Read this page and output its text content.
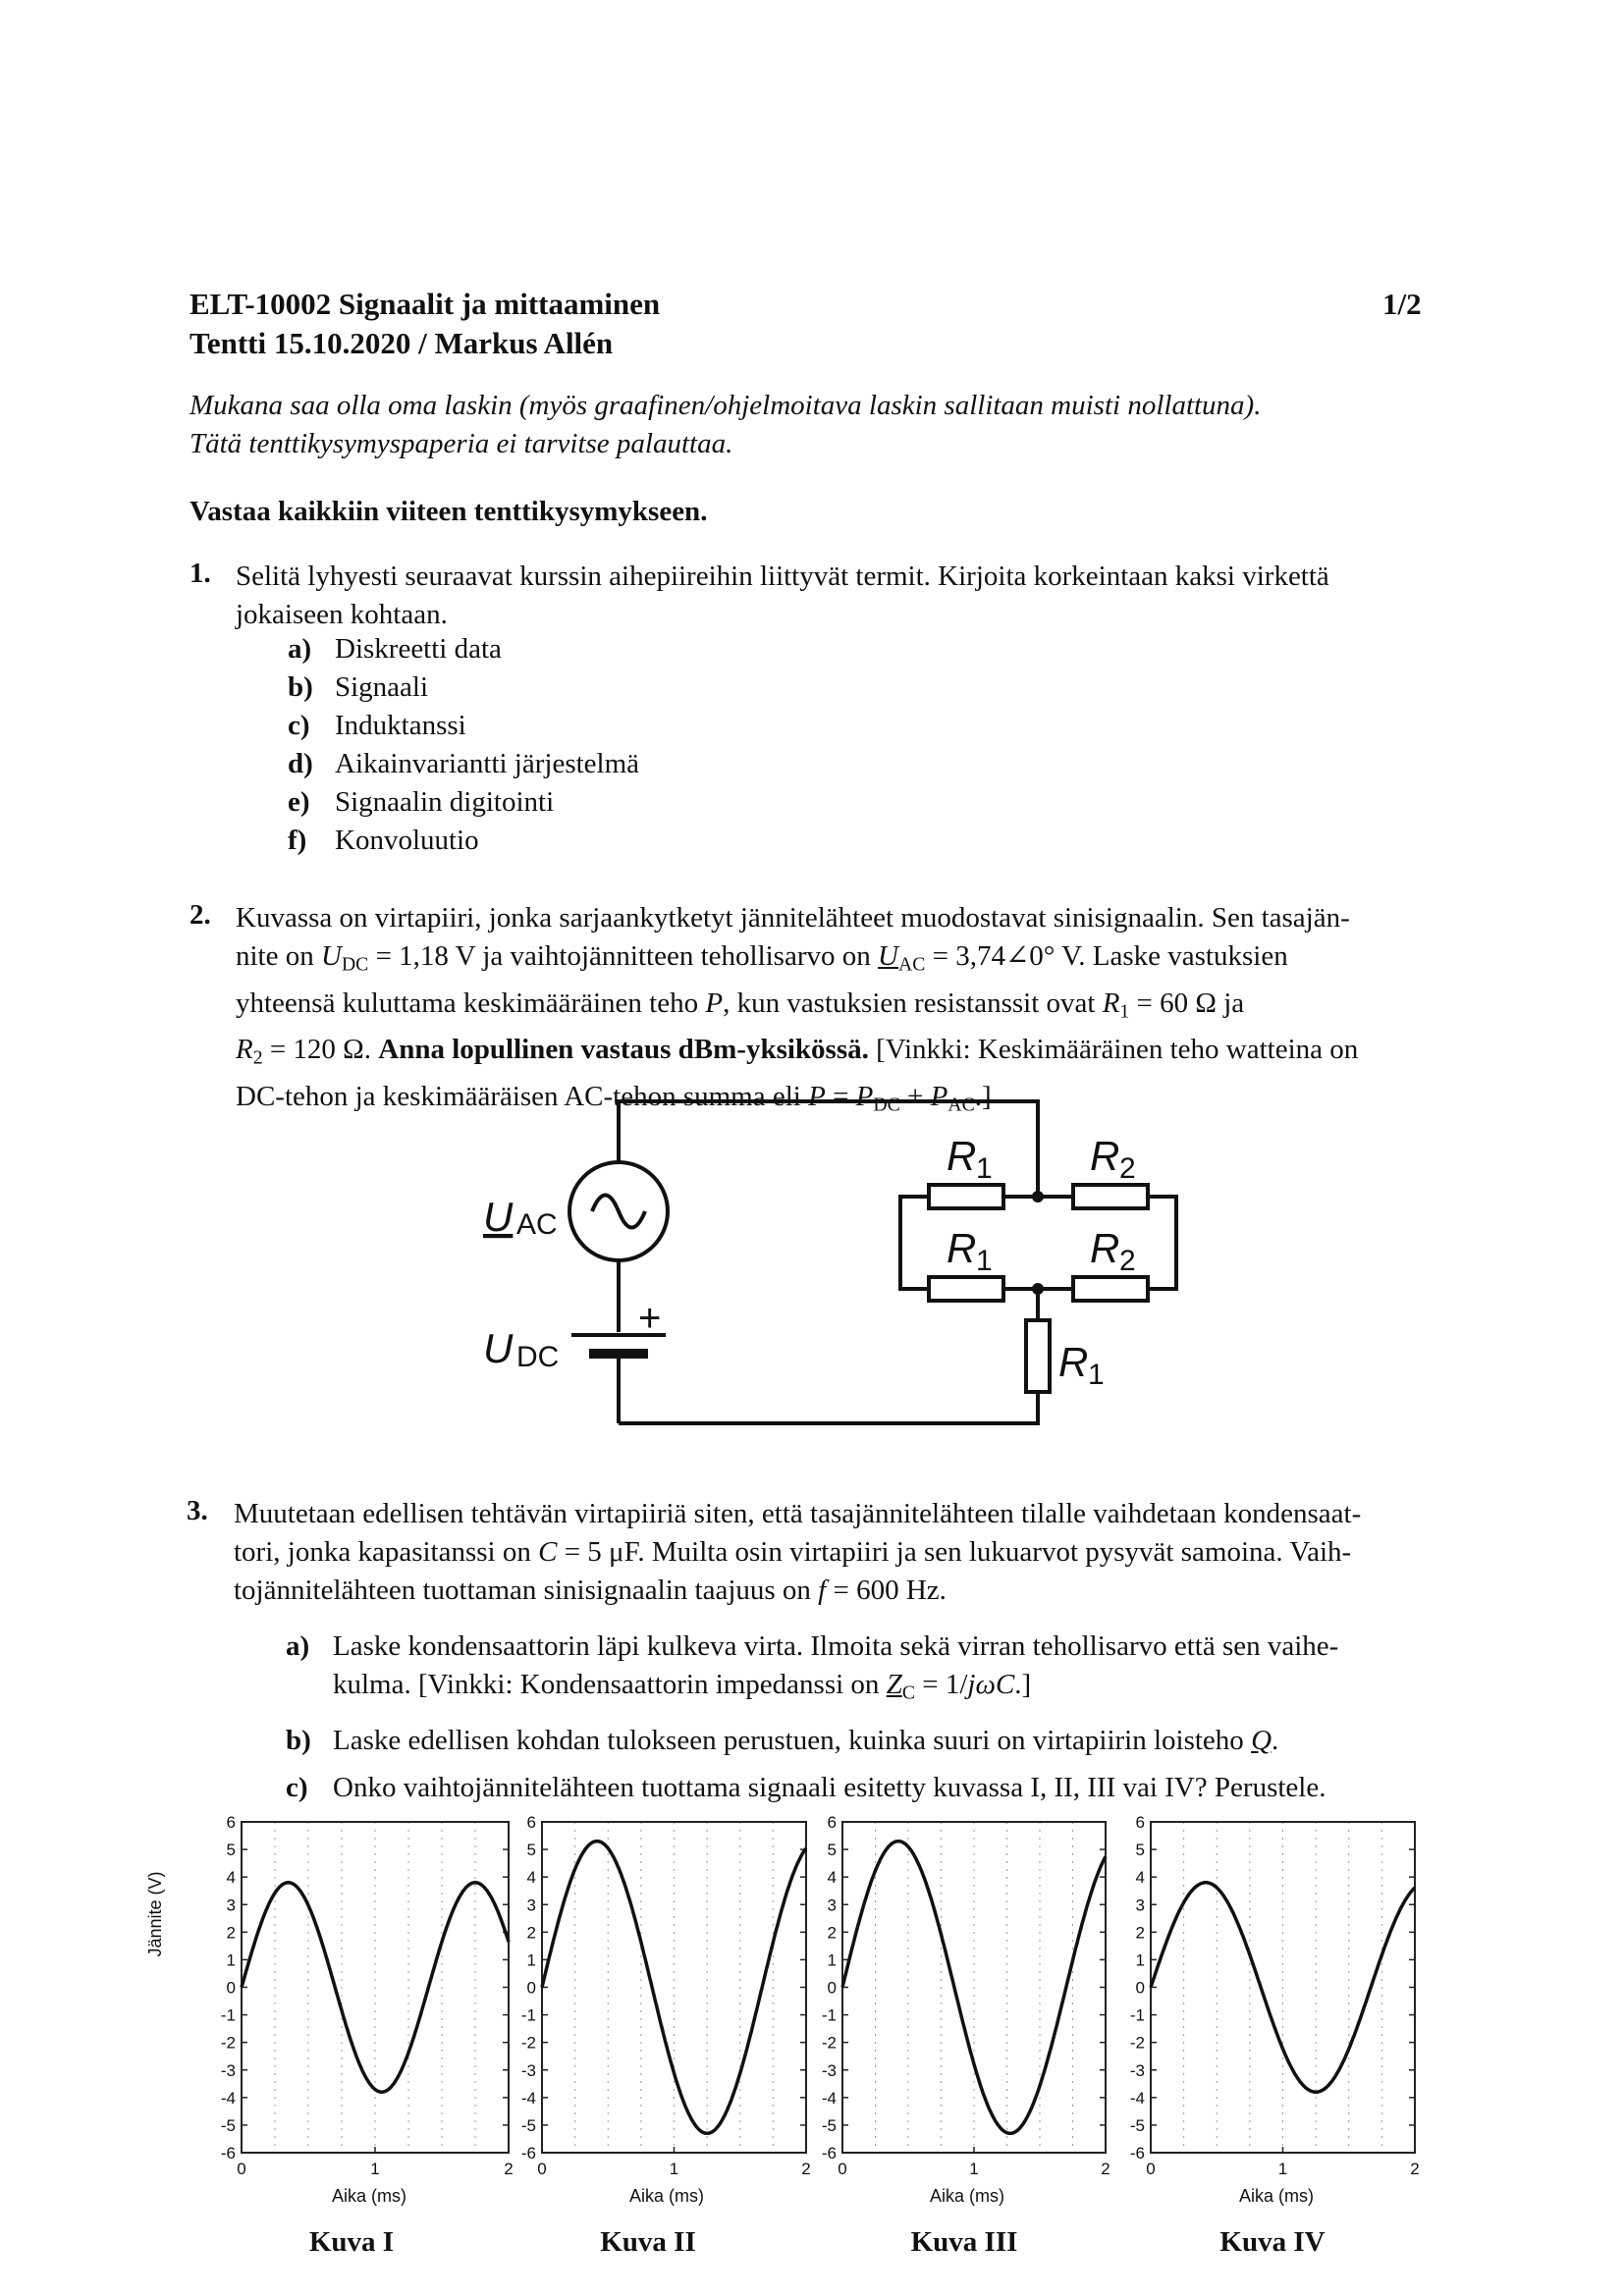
ELT-10002 Signaalit ja mittaaminen	1/2
Tentti 15.10.2020 / Markus Allén
Mukana saa olla oma laskin (myös graafinen/ohjelmoitava laskin sallitaan muisti nollattuna).
Tätä tenttikysymyspaperia ei tarvitse palauttaa.
Vastaa kaikkiin viiteen tenttikysymykseen.
1. Selitä lyhyesti seuraavat kurssin aihepiireihin liittyvät termit. Kirjoita korkeintaan kaksi virkettä
jokaiseen kohtaan.
a) Diskreetti data
b) Signaali
c) Induktanssi
d) Aikainvariantti järjestelmä
e) Signaalin digitointi
f) Konvoluutio
2. Kuvassa on virtapiiri, jonka sarjaankytketyt jännitelähteet muodostavat sinisignaalin. Sen tasajän-
nite on $U_{DC} = 1,18$ V ja vaihtojännitteen tehollisarvo on $U_{AC}$ = 3,74∠0° V. Laske vastuksien
yhteensä kuluttama keskimääräinen teho P, kun vastuksien resistanssit ovat $R_1 = 60$ Ω ja
$R_2 = 120$ Ω. Anna lopullinen vastaus dBm-yksikössä. [Vinkki: Keskimääräinen teho watteina on
DC-tehon ja keskimääräisen AC-tehon summa eli $P = P_{DC} + P_{AC}$.]
U AC
U DC
+
R 1 R 2
R 1 R 2
R 1
3. Muutetaan edellisen tehtävän virtapiiriä siten, että tasajännitelähteen tilalle vaihdetaan kondensaat-
tori, jonka kapasitanssi on C = 5 μF. Muilta osin virtapiiri ja sen lukuarvot pysyvät samoina. Vaih-
tojännitelähteen tuottaman sinisignaalin taajuus on f = 600 Hz.
a) Laske kondensaattorin läpi kulkeva virta. Ilmoita sekä virran tehollisarvo että sen vaihe-
kulma. [Vinkki: Kondensaattorin impedanssi on $Z_C = 1/j\omega C$.]
b) Laske edellisen kohdan tulokseen perustuen, kuinka suuri on virtapiirin loisteho Q.
c) Onko vaihtojännitelähteen tuottama signaali esitetty kuvassa I, II, III vai IV? Perustele.
6
5
4
3
2
1
0
-1
-2
-3
-4
-5
-6
0	1	2
6
5
4
3
2
1
0
-1
-2
-3
-4
-5
-6
0	1	2
6
5
4
3
2
1
0
-1
-2
-3
-4
-5
-6
0	1	2
6
5
4
3
2
1
0
-1
-2
-3
-4
-5
-6
0	1	2
Kuva I	Kuva II	Kuva III	Kuva IV
Aika (ms)	Aika (ms)	Aika (ms)	Aika (ms)
Jännite (V)
